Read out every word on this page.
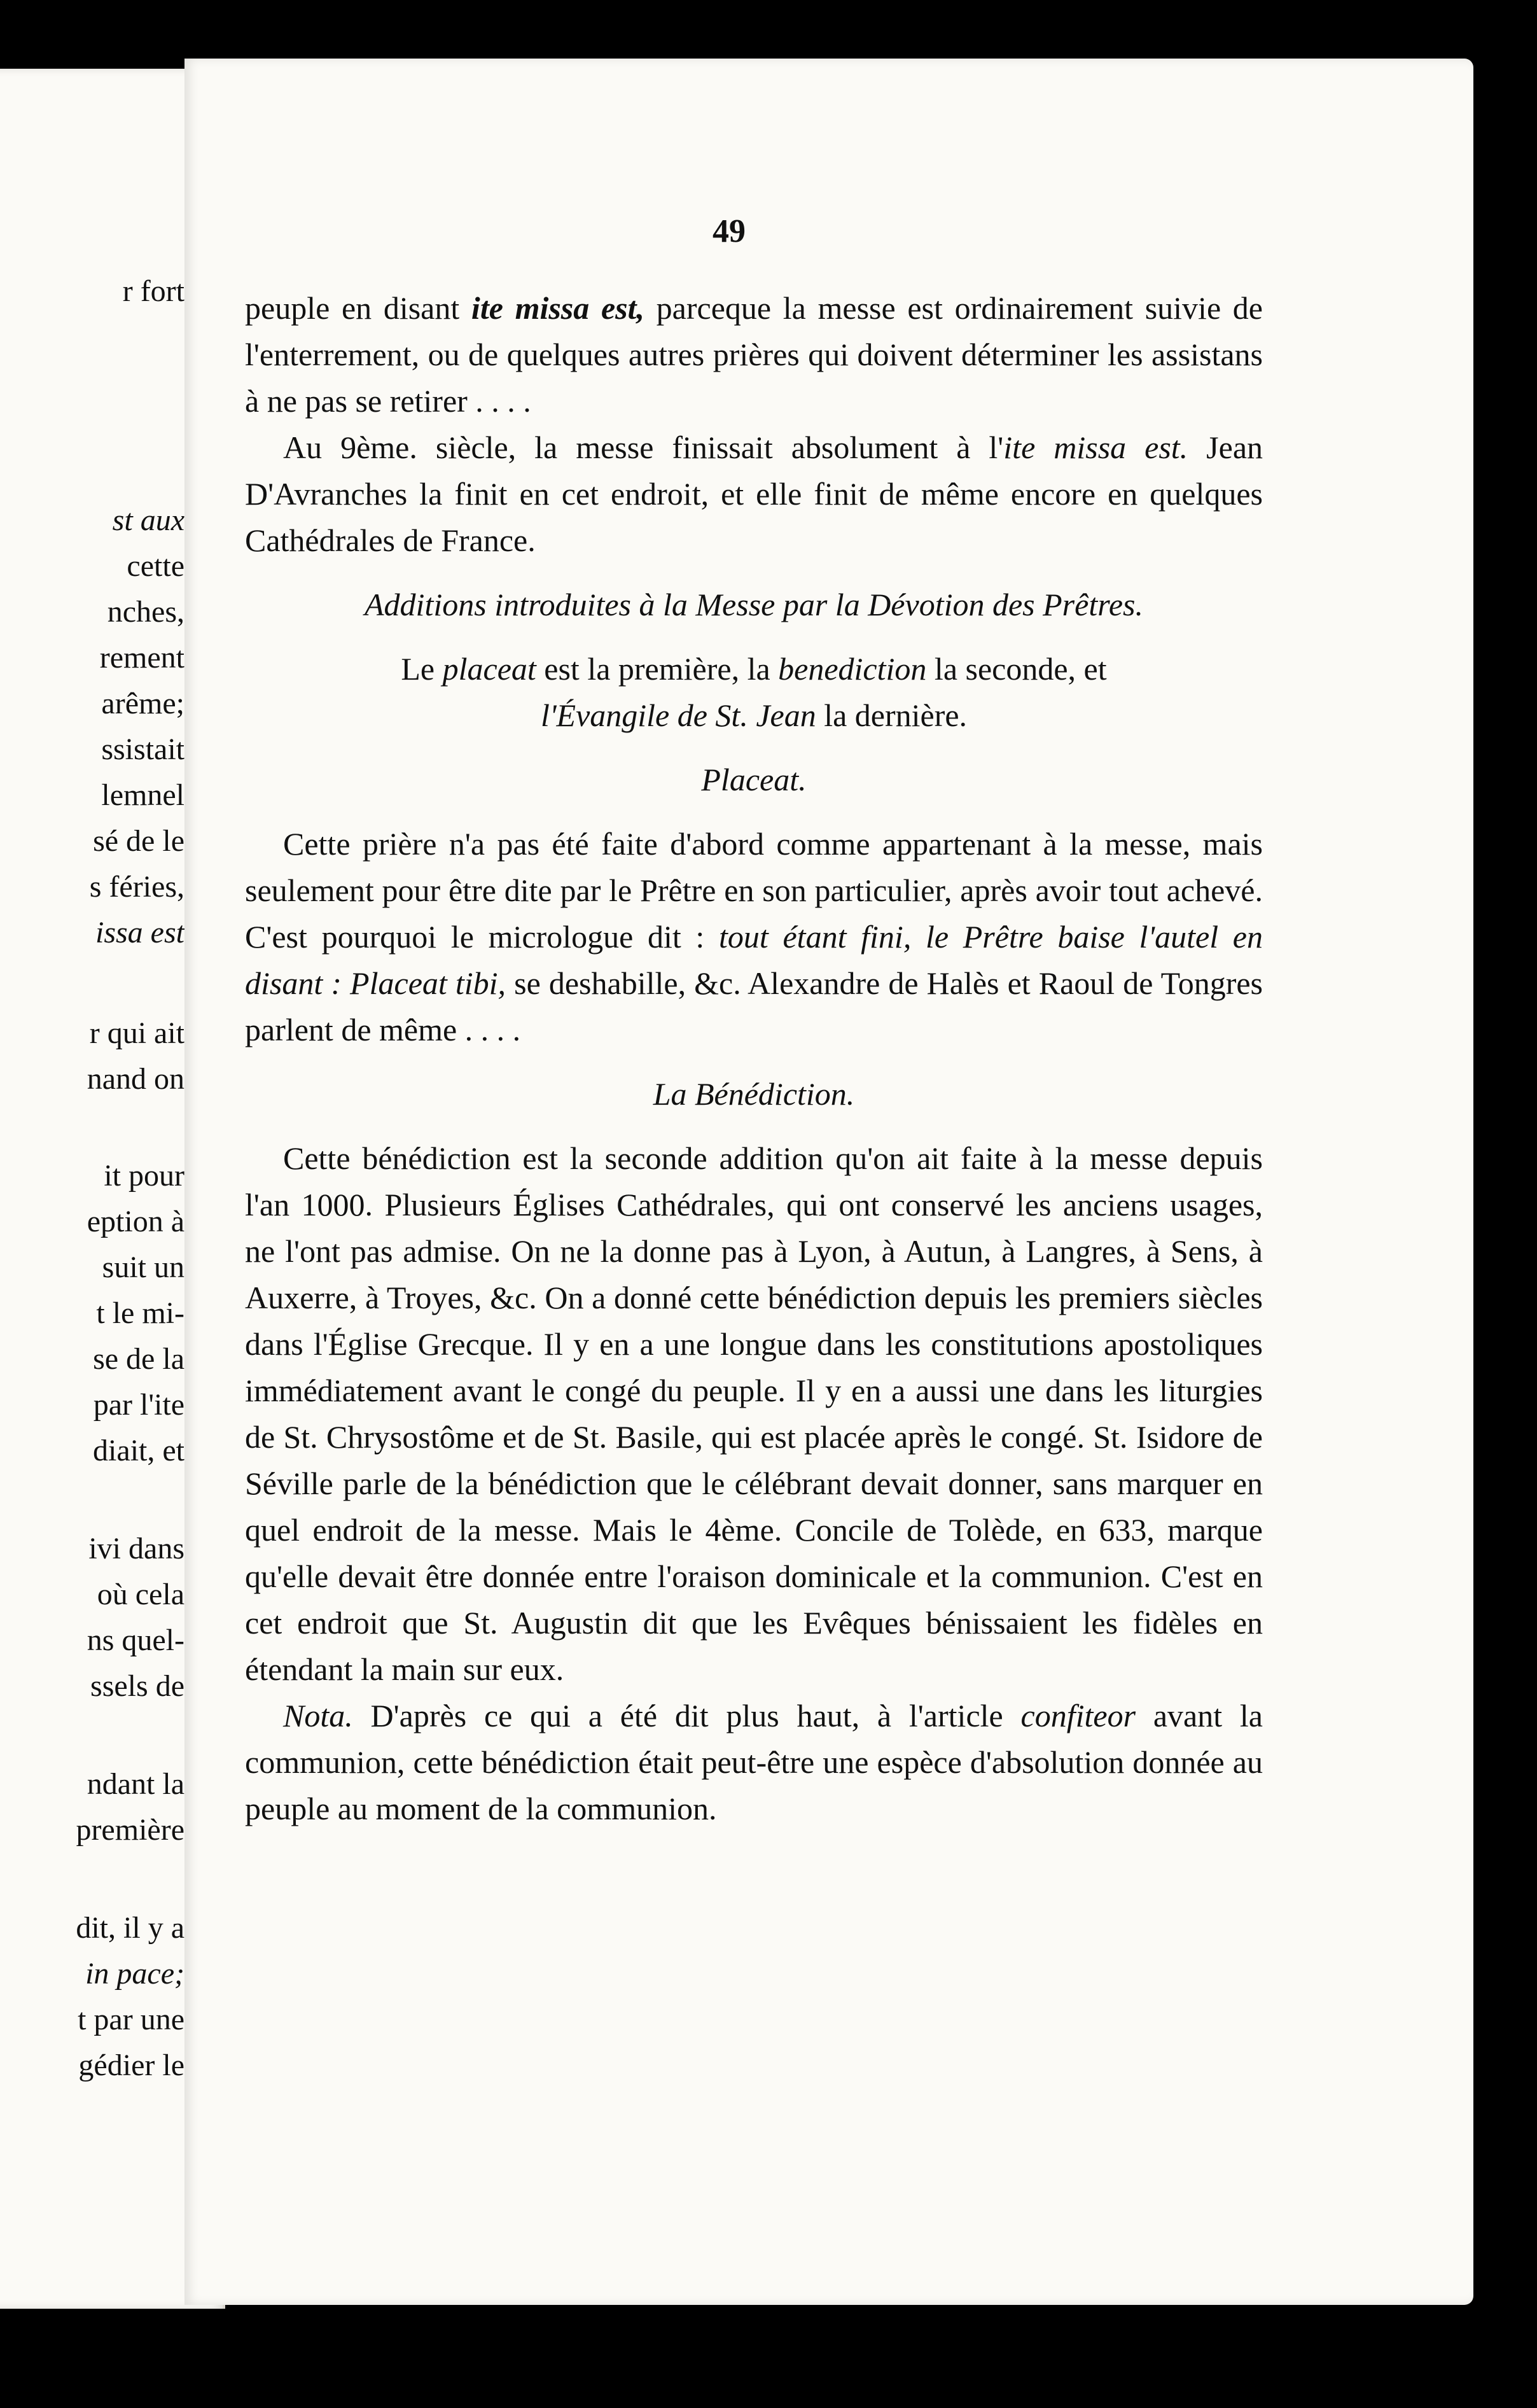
r fort
st aux
cette
nches,
rement
arême;
ssistait
lemnel
sé de le
s féries,
issa est
r qui ait
nand on
it pour
eption à
suit un
t le mi-
se de la
par l'ite
diait, et
ivi dans
où cela
ns quel-
ssels de
ndant la
première
dit, il y a
in pace;
t par une
gédier le
49

peuple en disant ite missa est, parceque la messe est ordinairement suivie de l'enterrement, ou de quelques autres prières qui doivent déterminer les assistans à ne pas se retirer . . . .

Au 9ème. siècle, la messe finissait absolument à l'ite missa est. Jean D'Avranches la finit en cet endroit, et elle finit de même encore en quelques Cathédrales de France.

Additions introduites à la Messe par la Dévotion des Prêtres.

Le placeat est la première, la benediction la seconde, et
l'Évangile de St. Jean la dernière.

Placeat.

Cette prière n'a pas été faite d'abord comme appartenant à la messe, mais seulement pour être dite par le Prêtre en son particulier, après avoir tout achevé. C'est pourquoi le micrologue dit : tout étant fini, le Prêtre baise l'autel en disant : Placeat tibi, se deshabille, &c. Alexandre de Halès et Raoul de Tongres parlent de même . . . .

La Bénédiction.

Cette bénédiction est la seconde addition qu'on ait faite à la messe depuis l'an 1000. Plusieurs Églises Cathédrales, qui ont conservé les anciens usages, ne l'ont pas admise. On ne la donne pas à Lyon, à Autun, à Langres, à Sens, à Auxerre, à Troyes, &c. On a donné cette bénédiction depuis les premiers siècles dans l'Église Grecque. Il y en a une longue dans les constitutions apostoliques immédiatement avant le congé du peuple. Il y en a aussi une dans les liturgies de St. Chrysostôme et de St. Basile, qui est placée après le congé. St. Isidore de Séville parle de la bénédiction que le célébrant devait donner, sans marquer en quel endroit de la messe. Mais le 4ème. Concile de Tolède, en 633, marque qu'elle devait être donnée entre l'oraison dominicale et la communion. C'est en cet endroit que St. Augustin dit que les Evêques bénissaient les fidèles en étendant la main sur eux.

Nota. D'après ce qui a été dit plus haut, à l'article confiteor avant la communion, cette bénédiction était peut-être une espèce d'absolution donnée au peuple au moment de la communion.
